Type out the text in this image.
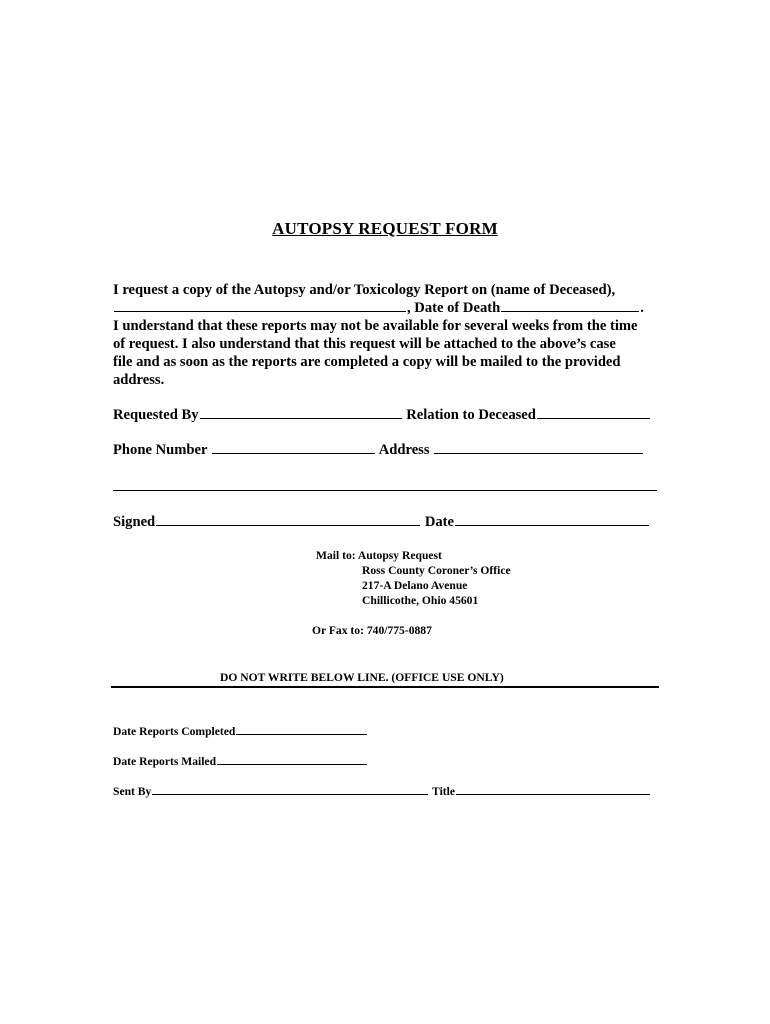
AUTOPSY REQUEST FORM
I request a copy of the Autopsy and/or Toxicology Report on (name of Deceased),
, Date of Death	.
I understand that these reports may not be available for several weeks from the time
of request. I also understand that this request will be attached to the above’s case
file and as soon as the reports are completed a copy will be mailed to the provided
address.
Requested By	Relation to Deceased
Phone Number	Address
Signed	Date
Mail to: Autopsy Request
Ross County Coroner’s Office
217-A Delano Avenue
Chillicothe, Ohio 45601
Or Fax to: 740/775-0887
DO NOT WRITE BELOW LINE. (OFFICE USE ONLY)
Date Reports Completed
Date Reports Mailed
Sent By	Title
